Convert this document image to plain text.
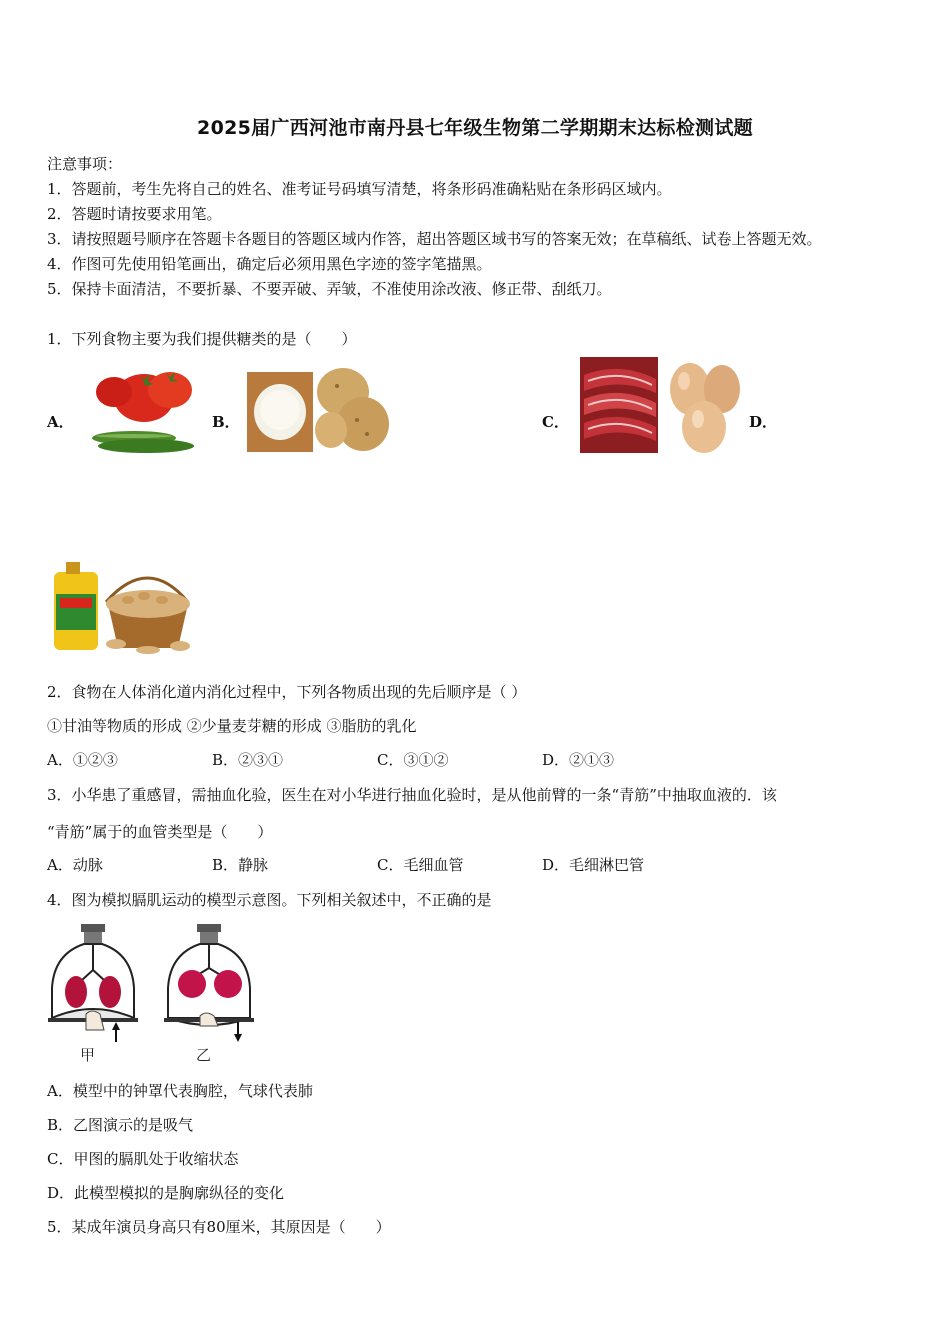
2025届广西河池市南丹县七年级生物第二学期期末达标检测试题
注意事项：
1．答题前，考生先将自己的姓名、准考证号码填写清楚，将条形码准确粘贴在条形码区域内。
2．答题时请按要求用笔。
3．请按照题号顺序在答题卡各题目的答题区域内作答，超出答题区域书写的答案无效；在草稿纸、试卷上答题无效。
4．作图可先使用铅笔画出，确定后必须用黑色字迹的签字笔描黑。
5．保持卡面清洁，不要折暴、不要弄破、弄皱，不准使用涂改液、修正带、刮纸刀。
1．下列食物主要为我们提供糖类的是（　　）
A．	B．	C．	D．
2．食物在人体消化道内消化过程中，下列各物质出现的先后顺序是（ ）
①甘油等物质的形成 ②少量麦芽糖的形成 ③脂肪的乳化
A．①②③	B．②③①	C．③①②	D．②①③
3．小华患了重感冒，需抽血化验，医生在对小华进行抽血化验时，是从他前臂的一条“青筋”中抽取血液的．该
“青筋”属于的血管类型是（　　）
A．动脉	B．静脉	C．毛细血管	D．毛细淋巴管
4．图为模拟膈肌运动的模型示意图。下列相关叙述中，不正确的是
甲	乙
A．模型中的钟罩代表胸腔，气球代表肺
B．乙图演示的是吸气
C．甲图的膈肌处于收缩状态
D．此模型模拟的是胸廓纵径的变化
5．某成年演员身高只有80厘米，其原因是（　　）
